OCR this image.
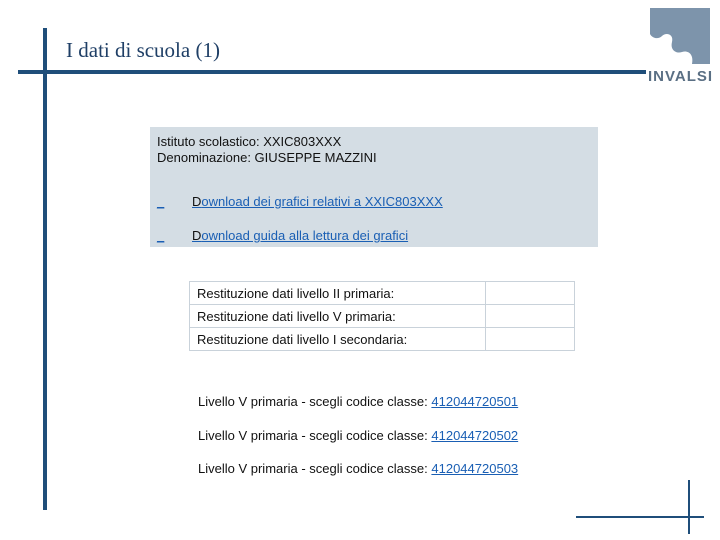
I dati di scuola (1)
INVALSI
Istituto scolastico: XXIC803XXX
Denominazione: GIUSEPPE MAZZINI
_ Download dei grafici relativi a XXIC803XXX
_ Download guida alla lettura dei grafici
Restituzione dati livello II primaria:	
Restituzione dati livello V primaria:	
Restituzione dati livello I secondaria:	
Livello V primaria - scegli codice classe: 412044720501
Livello V primaria - scegli codice classe: 412044720502
Livello V primaria - scegli codice classe: 412044720503
